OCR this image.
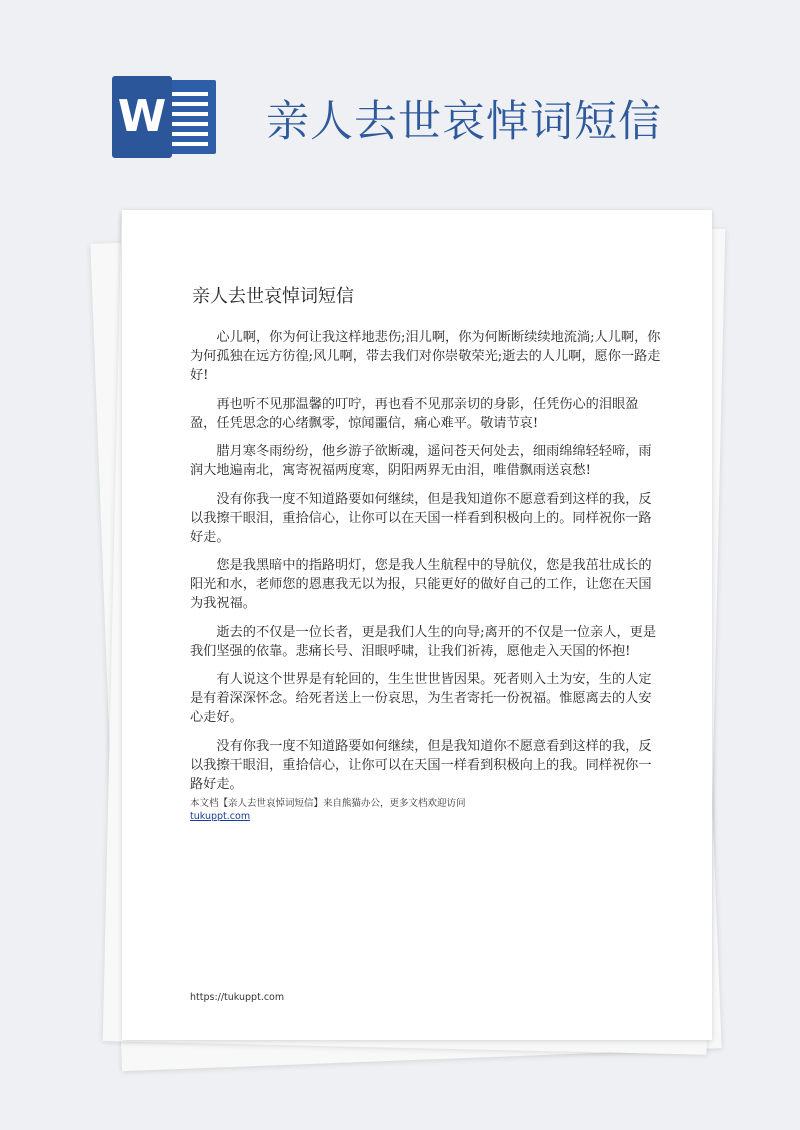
W 亲人去世哀悼词短信
亲人去世哀悼词短信

心儿啊，你为何让我这样地悲伤;泪儿啊，你为何断断续续地流淌;人儿啊，你为何孤独在远方彷徨;风儿啊，带去我们对你崇敬荣光;逝去的人儿啊，愿你一路走好!

再也听不见那温馨的叮咛，再也看不见那亲切的身影，任凭伤心的泪眼盈盈，任凭思念的心绪飘零，惊闻噩信，痛心难平。敬请节哀!

腊月寒冬雨纷纷，他乡游子欲断魂，遥问苍天何处去，细雨绵绵轻轻啼，雨润大地遍南北，寓寄祝福两度寒，阴阳两界无由泪，唯借飘雨送哀愁!

没有你我一度不知道路要如何继续，但是我知道你不愿意看到这样的我，反以我擦干眼泪，重拾信心，让你可以在天国一样看到积极向上的。同样祝你一路好走。

您是我黑暗中的指路明灯，您是我人生航程中的导航仪，您是我茁壮成长的阳光和水，老师您的恩惠我无以为报，只能更好的做好自己的工作，让您在天国为我祝福。

逝去的不仅是一位长者，更是我们人生的向导;离开的不仅是一位亲人，更是我们坚强的依靠。悲痛长号、泪眼呼啸，让我们祈祷，愿他走入天国的怀抱!

有人说这个世界是有轮回的，生生世世皆因果。死者则入土为安，生的人定是有着深深怀念。给死者送上一份哀思，为生者寄托一份祝福。惟愿离去的人安心走好。

没有你我一度不知道路要如何继续，但是我知道你不愿意看到这样的我，反以我擦干眼泪，重拾信心，让你可以在天国一样看到积极向上的我。同样祝你一路好走。

本文档【亲人去世哀悼词短信】来自熊猫办公，更多文档欢迎访问
tukuppt.com
https://tukuppt.com
